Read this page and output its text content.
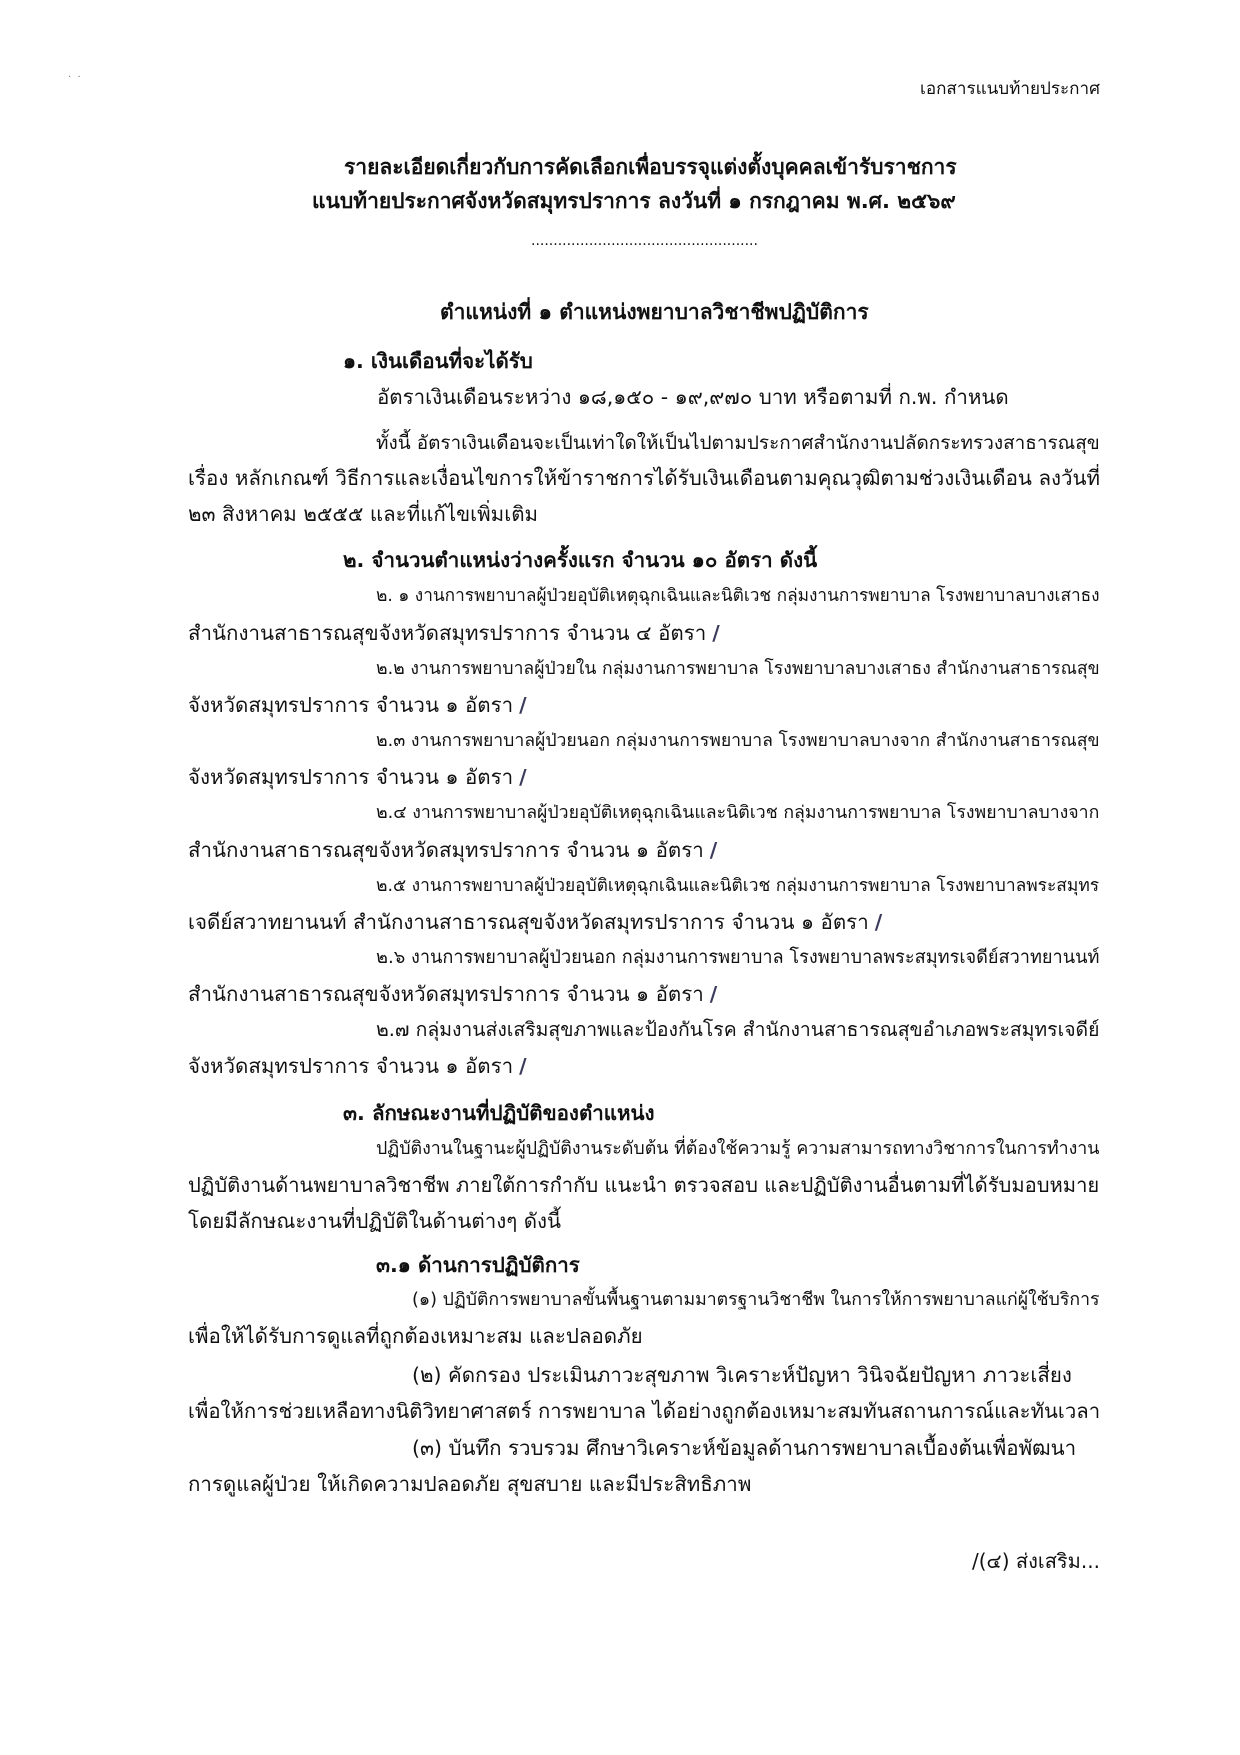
·  ·

เอกสารแนบท้ายประกาศ

รายละเอียดเกี่ยวกับการคัดเลือกเพื่อบรรจุแต่งตั้งบุคคลเข้ารับราชการ

แนบท้ายประกาศจังหวัดสมุทรปราการ ลงวันที่ ๑ กรกฎาคม พ.ศ. ๒๕๖๙

...................................................

ตำแหน่งที่ ๑ ตำแหน่งพยาบาลวิชาชีพปฏิบัติการ

๑. เงินเดือนที่จะได้รับ

อัตราเงินเดือนระหว่าง ๑๘,๑๕๐ - ๑๙,๙๗๐ บาท หรือตามที่ ก.พ. กำหนด

ทั้งนี้ อัตราเงินเดือนจะเป็นเท่าใดให้เป็นไปตามประกาศสำนักงานปลัดกระทรวงสาธารณสุข

เรื่อง หลักเกณฑ์ วิธีการและเงื่อนไขการให้ข้าราชการได้รับเงินเดือนตามคุณวุฒิตามช่วงเงินเดือน ลงวันที่

๒๓ สิงหาคม ๒๕๕๕ และที่แก้ไขเพิ่มเติม

๒. จำนวนตำแหน่งว่างครั้งแรก จำนวน ๑๐ อัตรา ดังนี้

๒. ๑ งานการพยาบาลผู้ป่วยอุบัติเหตุฉุกเฉินและนิติเวช กลุ่มงานการพยาบาล โรงพยาบาลบางเสาธง

สำนักงานสาธารณสุขจังหวัดสมุทรปราการ จำนวน ๔ อัตรา /

๒.๒ งานการพยาบาลผู้ป่วยใน กลุ่มงานการพยาบาล โรงพยาบาลบางเสาธง สำนักงานสาธารณสุข

จังหวัดสมุทรปราการ จำนวน ๑ อัตรา /

๒.๓ งานการพยาบาลผู้ป่วยนอก กลุ่มงานการพยาบาล โรงพยาบาลบางจาก สำนักงานสาธารณสุข

จังหวัดสมุทรปราการ จำนวน ๑ อัตรา /

๒.๔ งานการพยาบาลผู้ป่วยอุบัติเหตุฉุกเฉินและนิติเวช กลุ่มงานการพยาบาล โรงพยาบาลบางจาก

สำนักงานสาธารณสุขจังหวัดสมุทรปราการ จำนวน ๑ อัตรา /

๒.๕ งานการพยาบาลผู้ป่วยอุบัติเหตุฉุกเฉินและนิติเวช กลุ่มงานการพยาบาล โรงพยาบาลพระสมุทร

เจดีย์สวาทยานนท์ สำนักงานสาธารณสุขจังหวัดสมุทรปราการ จำนวน ๑ อัตรา /

๒.๖ งานการพยาบาลผู้ป่วยนอก กลุ่มงานการพยาบาล โรงพยาบาลพระสมุทรเจดีย์สวาทยานนท์

สำนักงานสาธารณสุขจังหวัดสมุทรปราการ จำนวน ๑ อัตรา /

๒.๗ กลุ่มงานส่งเสริมสุขภาพและป้องกันโรค สำนักงานสาธารณสุขอำเภอพระสมุทรเจดีย์

จังหวัดสมุทรปราการ จำนวน ๑ อัตรา /

๓. ลักษณะงานที่ปฏิบัติของตำแหน่ง

ปฏิบัติงานในฐานะผู้ปฏิบัติงานระดับต้น ที่ต้องใช้ความรู้ ความสามารถทางวิชาการในการทำงาน

ปฏิบัติงานด้านพยาบาลวิชาชีพ ภายใต้การกำกับ แนะนำ ตรวจสอบ และปฏิบัติงานอื่นตามที่ได้รับมอบหมาย

โดยมีลักษณะงานที่ปฏิบัติในด้านต่างๆ ดังนี้

๓.๑ ด้านการปฏิบัติการ

(๑) ปฏิบัติการพยาบาลขั้นพื้นฐานตามมาตรฐานวิชาชีพ ในการให้การพยาบาลแก่ผู้ใช้บริการ

เพื่อให้ได้รับการดูแลที่ถูกต้องเหมาะสม และปลอดภัย

(๒) คัดกรอง ประเมินภาวะสุขภาพ วิเคราะห์ปัญหา วินิจฉัยปัญหา ภาวะเสี่ยง

เพื่อให้การช่วยเหลือทางนิติวิทยาศาสตร์ การพยาบาล ได้อย่างถูกต้องเหมาะสมทันสถานการณ์และทันเวลา

(๓) บันทึก รวบรวม ศึกษาวิเคราะห์ข้อมูลด้านการพยาบาลเบื้องต้นเพื่อพัฒนา

การดูแลผู้ป่วย ให้เกิดความปลอดภัย สุขสบาย และมีประสิทธิภาพ

/(๔) ส่งเสริม...
